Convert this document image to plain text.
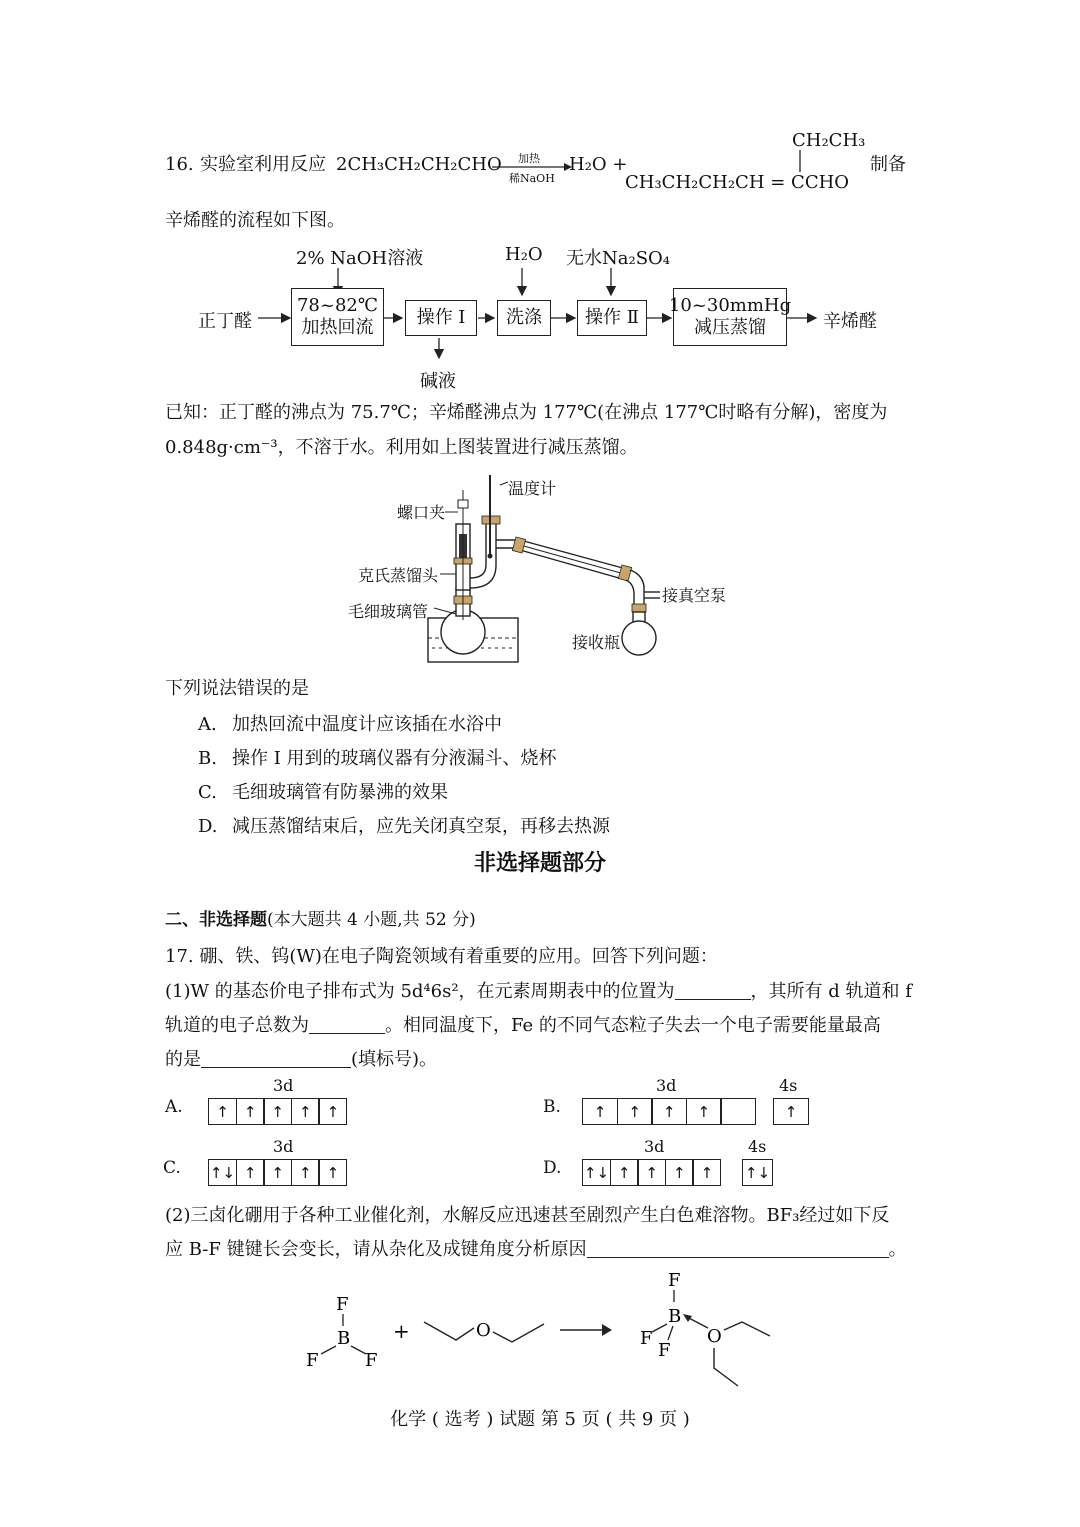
16. 实验室利用反应 2CH₃CH₂CH₂CHO 加热
稀NaOH
H₂O +
CH₂CH₃
CH₃CH₂CH₂CH = CCHO
制备
辛烯醛的流程如下图。
2% NaOH溶液	H₂O 无水Na₂SO₄
正丁醛
78~82℃
加热回流	操作 Ⅰ	洗涤	操作 Ⅱ
10~30mmHg
减压蒸馏	辛烯醛
碱液
已知：正丁醛的沸点为 75.7℃；辛烯醛沸点为 177℃(在沸点 177℃时略有分解)，密度为
0.848g·cm⁻³，不溶于水。利用如上图装置进行减压蒸馏。
温度计
螺口夹
克氏蒸馏头
毛细玻璃管
接真空泵
接收瓶
下列说法错误的是
A. 加热回流中温度计应该插在水浴中
B. 操作 Ⅰ 用到的玻璃仪器有分液漏斗、烧杯
C. 毛细玻璃管有防暴沸的效果
D. 减压蒸馏结束后，应先关闭真空泵，再移去热源
非选择题部分
二、非选择题(本大题共 4 小题,共 52 分)
17. 硼、铁、钨(W)在电子陶瓷领域有着重要的应用。回答下列问题：
(1)W 的基态价电子排布式为 5d⁴6s²，在元素周期表中的位置为	，其所有 d 轨道和 f
轨道的电子总数为	。相同温度下，Fe 的不同气态粒子失去一个电子需要能量最高
的是	(填标号)。
A.
3d
↑	↑	↑	↑	↑	B.
3d
↑	↑	↑	↑
4s
↑
C.
3d
↑↓ ↑	↑	↑	↑	D.
3d
↑↓ ↑	↑	↑	↑
4s
↑↓
(2)三卤化硼用于各种工业催化剂，水解反应迅速甚至剧烈产生白色难溶物。BF₃经过如下反
应 B-F 键键长会变长，请从杂化及成键角度分析原因	。
F
B
F	F
+	O
F
B
F
F
O
化学 ( 选考 ) 试题 第 5 页 ( 共 9 页 )
